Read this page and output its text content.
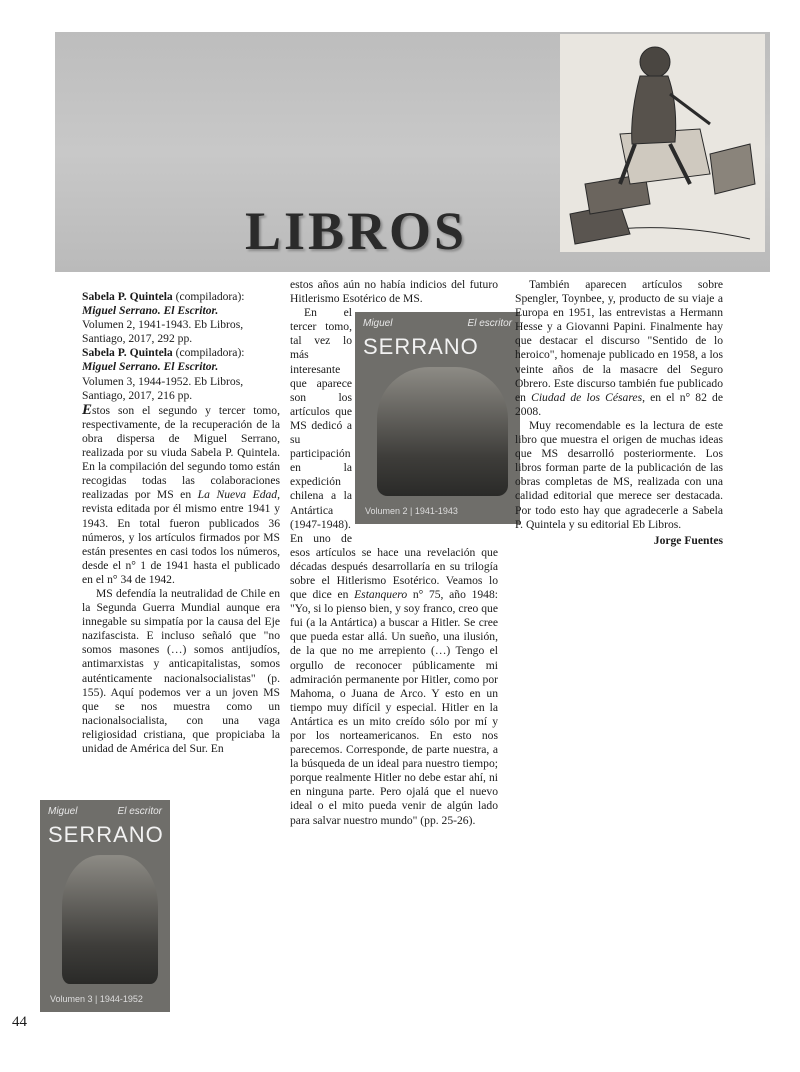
LIBROS

Sabela P. Quintela (compiladora):
Miguel Serrano. El Escritor.
Volumen 2, 1941-1943. Eb Libros, Santiago, 2017, 292 pp.
Sabela P. Quintela (compiladora):
Miguel Serrano. El Escritor.
Volumen 3, 1944-1952. Eb Libros, Santiago, 2017, 216 pp.

Estos son el segundo y tercer tomo, respectivamente, de la recuperación de la obra dispersa de Miguel Serrano, realizada por su viuda Sabela P. Quintela. En la compilación del segundo tomo están recogidas todas las colaboraciones realizadas por MS en La Nueva Edad, revista editada por él mismo entre 1941 y 1943. En total fueron publicados 36 números, y los artículos firmados por MS están presentes en casi todos los números, desde el n° 1 de 1941 hasta el publicado en el n° 34 de 1942.

MS defendía la neutralidad de Chile en la Segunda Guerra Mundial aunque era innegable su simpatía por la causa del Eje nazifascista. E incluso señaló que "no somos masones (…) somos antijudíos, antimarxistas y anticapitalistas, somos auténticamente nacionalsocialistas" (p. 155). Aquí podemos ver a un joven MS que se nos muestra como un nacionalsocialista, con una vaga religiosidad cristiana, que propiciaba la unidad de América del Sur. En

Miguel	El escritor
SERRANO
Volumen 2 | 1941-1943

estos años aún no había indicios del futuro Hitlerismo Esotérico de MS.

En el tercer tomo, tal vez lo más interesante que aparece son los artículos que MS dedicó a su participación en la expedición chilena a la Antártica (1947-1948). En uno de esos artículos se hace una revelación que décadas después desarrollaría en su trilogía sobre el Hitlerismo Esotérico. Veamos lo que dice en Estanquero n° 75, año 1948: "Yo, si lo pienso bien, y soy franco, creo que fui (a la Antártica) a buscar a Hitler. Se cree que pueda estar allá. Un sueño, una ilusión, de la que no me arrepiento (…) Tengo el orgullo de reconocer públicamente mi admiración permanente por Hitler, como por Mahoma, o Juana de Arco. Y esto en un tiempo muy difícil y especial. Hitler en la Antártica es un mito creído sólo por mí y por los norteamericanos. En esto nos parecemos. Corresponde, de parte nuestra, a la búsqueda de un ideal para nuestro tiempo; porque realmente Hitler no debe estar ahí, ni en ninguna parte. Pero ojalá que el nuevo ideal o el mito pueda venir de algún lado para salvar nuestro mundo" (pp. 25-26).

También aparecen artículos sobre Spengler, Toynbee, y, producto de su viaje a Europa en 1951, las entrevistas a Hermann Hesse y a Giovanni Papini. Finalmente hay que destacar el discurso "Sentido de lo heroico", homenaje publicado en 1958, a los veinte años de la masacre del Seguro Obrero. Este discurso también fue publicado en Ciudad de los Césares, en el n° 82 de 2008.

Muy recomendable es la lectura de este libro que muestra el origen de muchas ideas que MS desarrolló posteriormente. Los libros forman parte de la publicación de las obras completas de MS, realizada con una calidad editorial que merece ser destacada. Por todo esto hay que agradecerle a Sabela P. Quintela y su editorial Eb Libros.

Jorge Fuentes

Miguel	El escritor
SERRANO
Volumen 3 | 1944-1952
44
